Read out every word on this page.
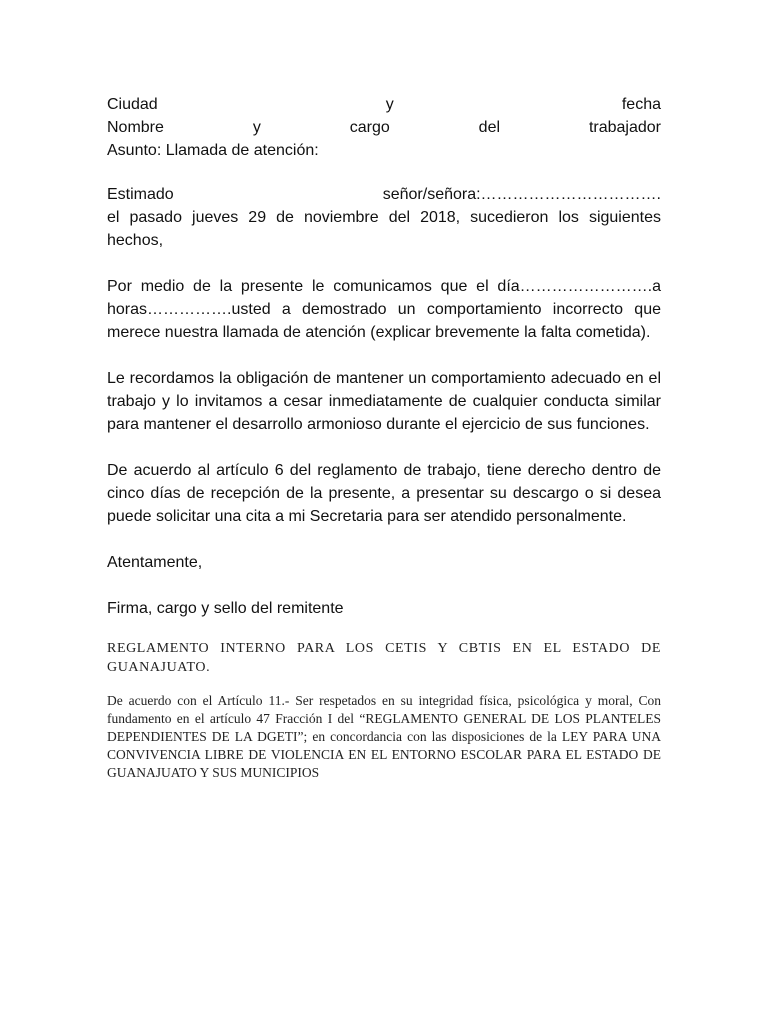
Ciudad y fecha

Nombre y cargo del trabajador

Asunto: Llamada de atención:

Estimado señor/señora:…………………………….

el pasado jueves 29 de noviembre del 2018, sucedieron los siguientes hechos,

Por medio de la presente le comunicamos que el día…………………….a horas…………….usted a demostrado un comportamiento incorrecto que merece nuestra llamada de atención (explicar brevemente la falta cometida).

Le recordamos la obligación de mantener un comportamiento adecuado en el trabajo y lo invitamos a cesar inmediatamente de cualquier conducta similar para mantener el desarrollo armonioso durante el ejercicio de sus funciones.

De acuerdo al artículo 6 del reglamento de trabajo, tiene derecho dentro de cinco días de recepción de la presente, a presentar su descargo o si desea puede solicitar una cita a mi Secretaria para ser atendido personalmente.

Atentamente,

Firma, cargo y sello del remitente

REGLAMENTO INTERNO PARA LOS CETIS Y CBTIS EN EL ESTADO DE GUANAJUATO.

De acuerdo con el Artículo 11.- Ser respetados en su integridad física, psicológica y moral, Con fundamento en el artículo 47 Fracción I del “REGLAMENTO GENERAL DE LOS PLANTELES DEPENDIENTES DE LA DGETI”; en concordancia con las disposiciones de la LEY PARA UNA CONVIVENCIA LIBRE DE VIOLENCIA EN EL ENTORNO ESCOLAR PARA EL ESTADO DE GUANAJUATO Y SUS MUNICIPIOS
